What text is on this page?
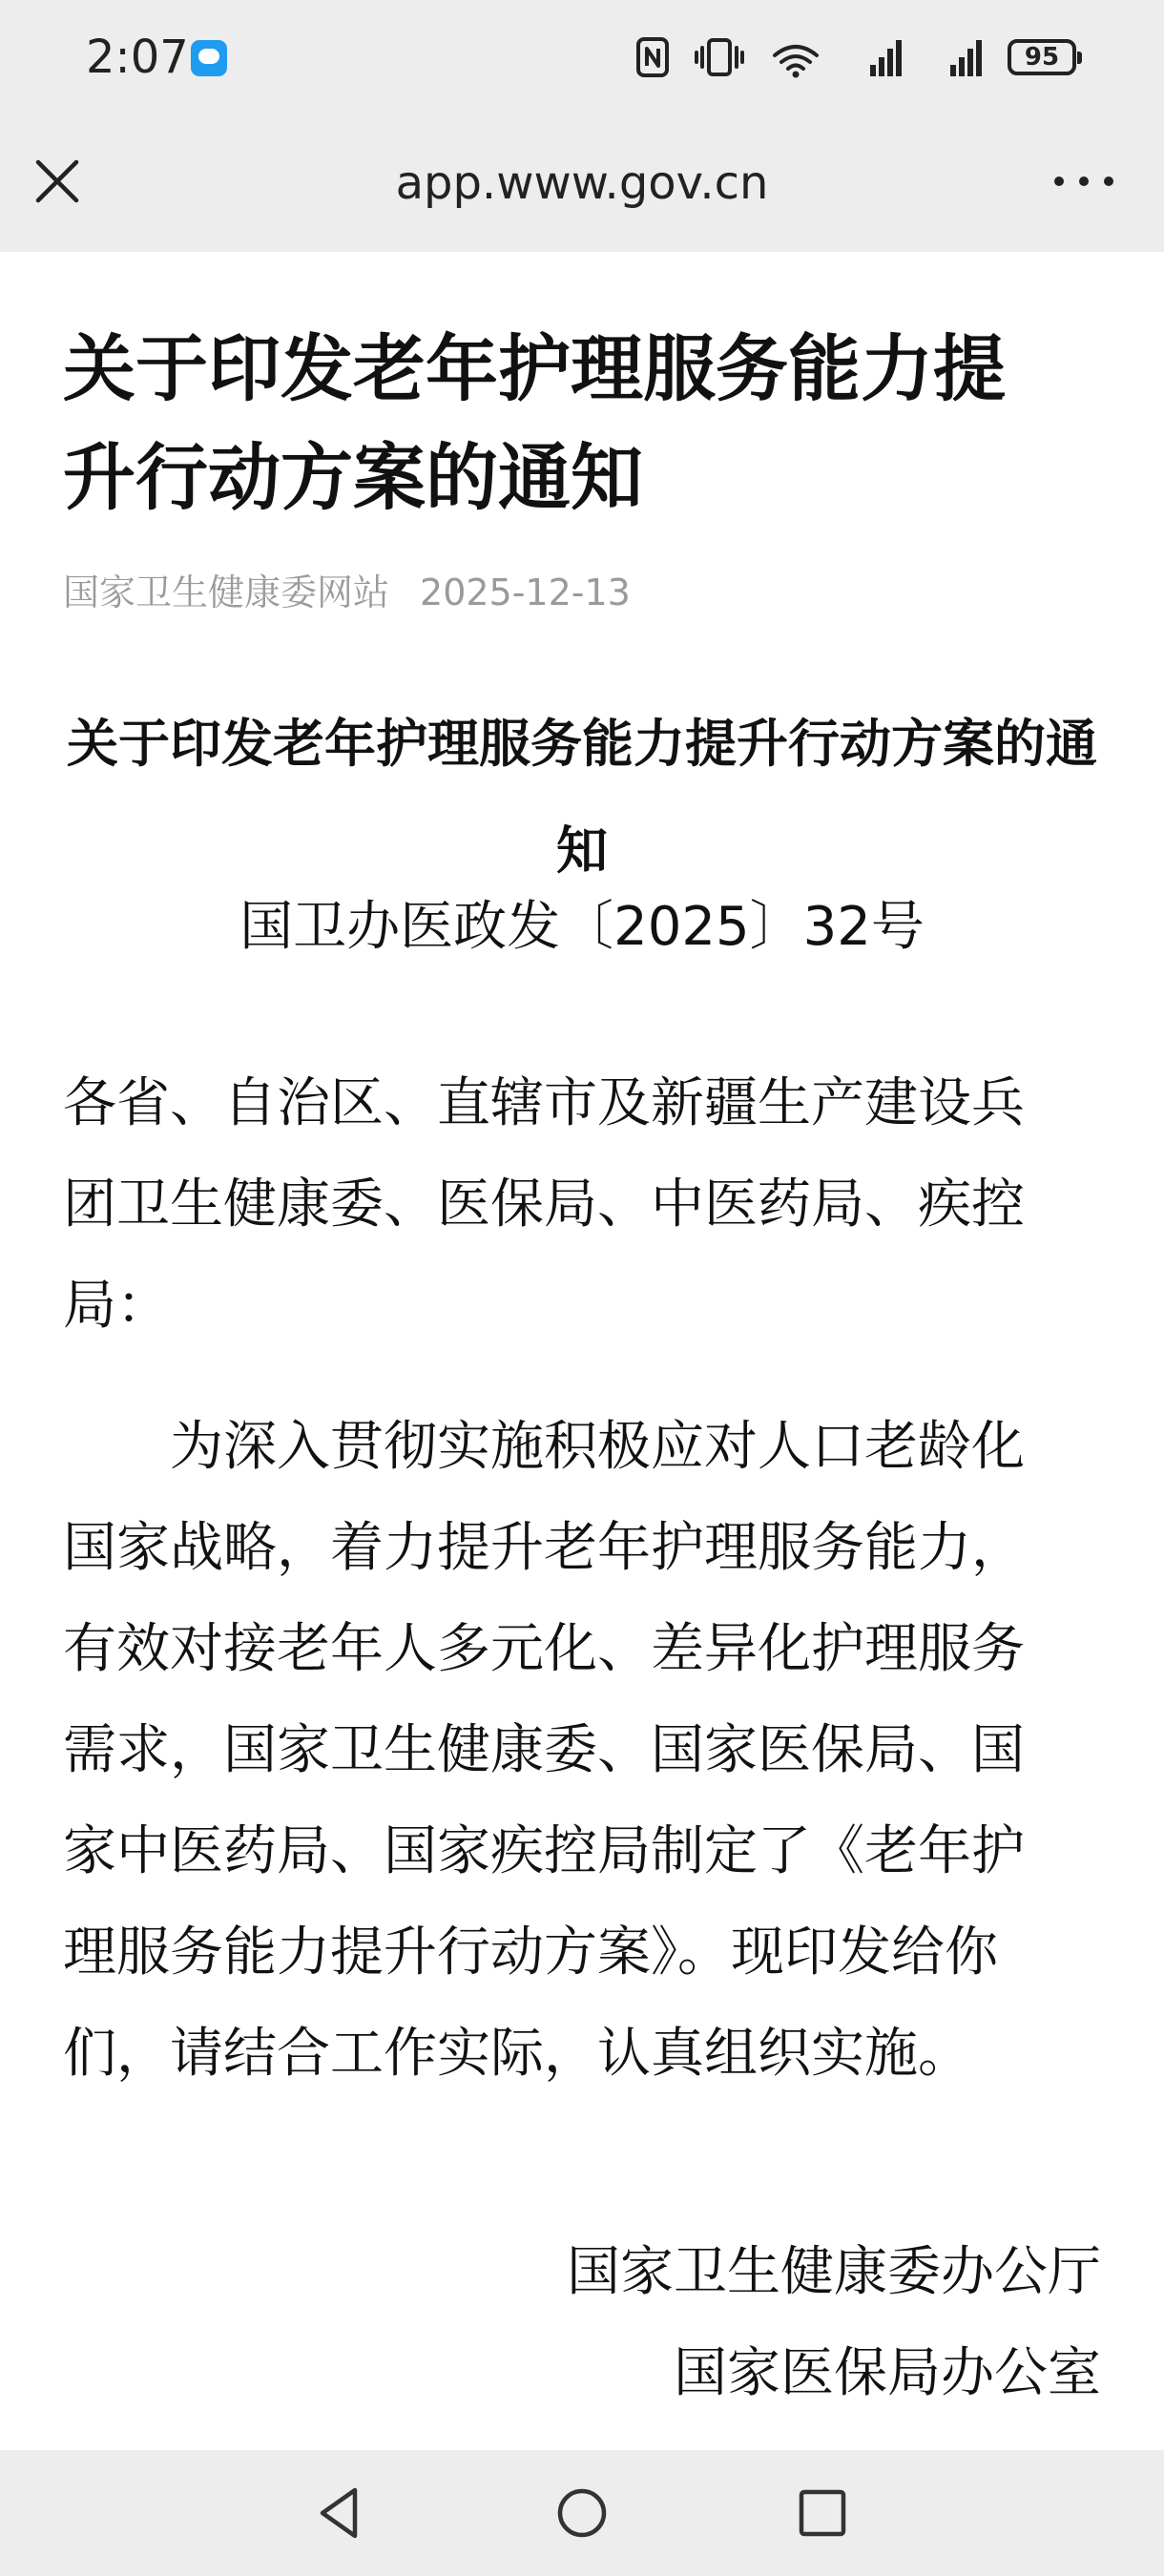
2:07	95
app.www.gov.cn
关于印发老年护理服务能力提升行动方案的通知
国家卫生健康委网站 2025-12-13
关于印发老年护理服务能力提升行动方案的通知
国卫办医政发〔2025〕32号

各省、自治区、直辖市及新疆生产建设兵团卫生健康委、医保局、中医药局、疾控局：

为深入贯彻实施积极应对人口老龄化国家战略，着力提升老年护理服务能力，有效对接老年人多元化、差异化护理服务需求，国家卫生健康委、国家医保局、国家中医药局、国家疾控局制定了《老年护理服务能力提升行动方案》。现印发给你们，请结合工作实际，认真组织实施。

国家卫生健康委办公厅
国家医保局办公室
